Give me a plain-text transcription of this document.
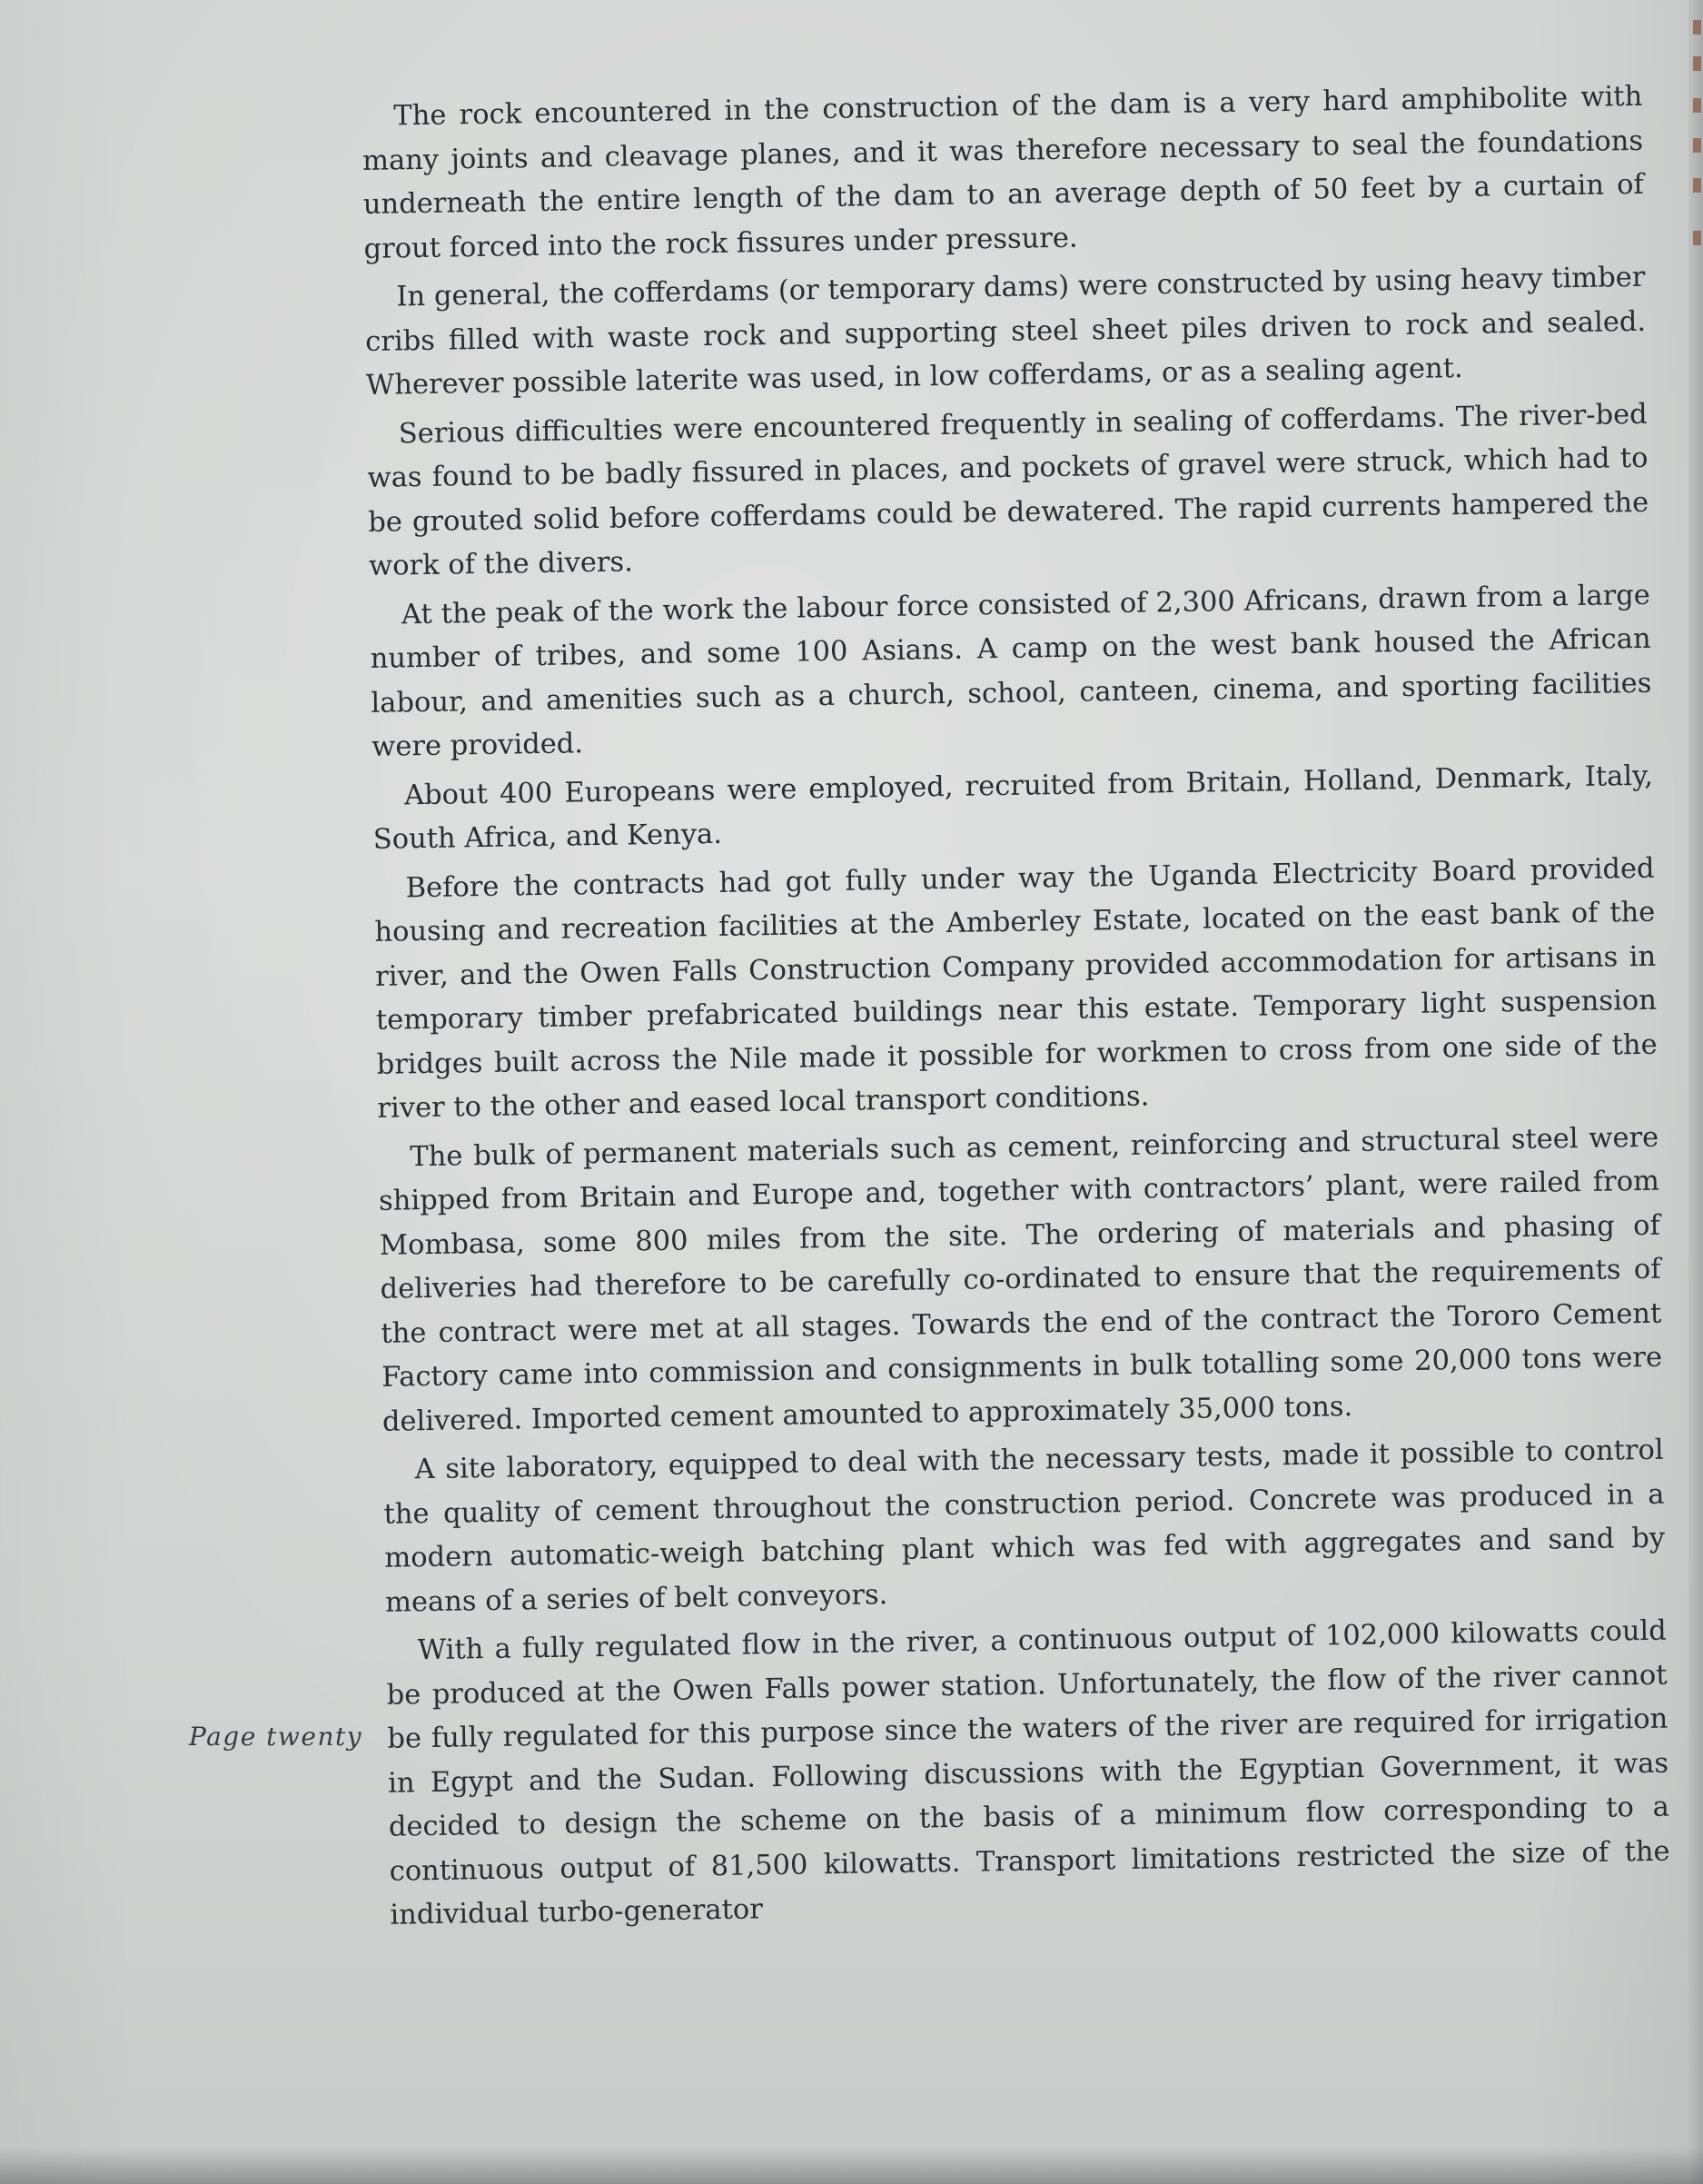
The rock encountered in the construction of the dam is a very hard amphibolite with many joints and cleavage planes, and it was therefore necessary to seal the foundations underneath the entire length of the dam to an average depth of 50 feet by a curtain of grout forced into the rock fissures under pressure.

In general, the cofferdams (or temporary dams) were constructed by using heavy timber cribs filled with waste rock and supporting steel sheet piles driven to rock and sealed. Wherever possible laterite was used, in low cofferdams, or as a sealing agent.

Serious difficulties were encountered frequently in sealing of cofferdams. The river-bed was found to be badly fissured in places, and pockets of gravel were struck, which had to be grouted solid before cofferdams could be dewatered. The rapid currents hampered the work of the divers.

At the peak of the work the labour force consisted of 2,300 Africans, drawn from a large number of tribes, and some 100 Asians. A camp on the west bank housed the African labour, and amenities such as a church, school, canteen, cinema, and sporting facilities were provided.

About 400 Europeans were employed, recruited from Britain, Holland, Denmark, Italy, South Africa, and Kenya.

Before the contracts had got fully under way the Uganda Electricity Board provided housing and recreation facilities at the Amberley Estate, located on the east bank of the river, and the Owen Falls Construction Company provided accommodation for artisans in temporary timber prefabricated buildings near this estate. Temporary light suspension bridges built across the Nile made it possible for workmen to cross from one side of the river to the other and eased local transport conditions.

The bulk of permanent materials such as cement, reinforcing and structural steel were shipped from Britain and Europe and, together with contractors’ plant, were railed from Mombasa, some 800 miles from the site. The ordering of materials and phasing of deliveries had therefore to be carefully co-ordinated to ensure that the requirements of the contract were met at all stages. Towards the end of the contract the Tororo Cement Factory came into commission and consignments in bulk totalling some 20,000 tons were delivered. Imported cement amounted to approximately 35,000 tons.

A site laboratory, equipped to deal with the necessary tests, made it possible to control the quality of cement throughout the construction period. Concrete was produced in a modern automatic-weigh batching plant which was fed with aggregates and sand by means of a series of belt conveyors.

With a fully regulated flow in the river, a continuous output of 102,000 kilowatts could be produced at the Owen Falls power station. Unfortunately, the flow of the river cannot be fully regulated for this purpose since the waters of the river are required for irrigation in Egypt and the Sudan. Following discussions with the Egyptian Government, it was decided to design the scheme on the basis of a minimum flow corresponding to a continuous output of 81,500 kilowatts. Transport limitations restricted the size of the individual turbo-generator

Page twenty
